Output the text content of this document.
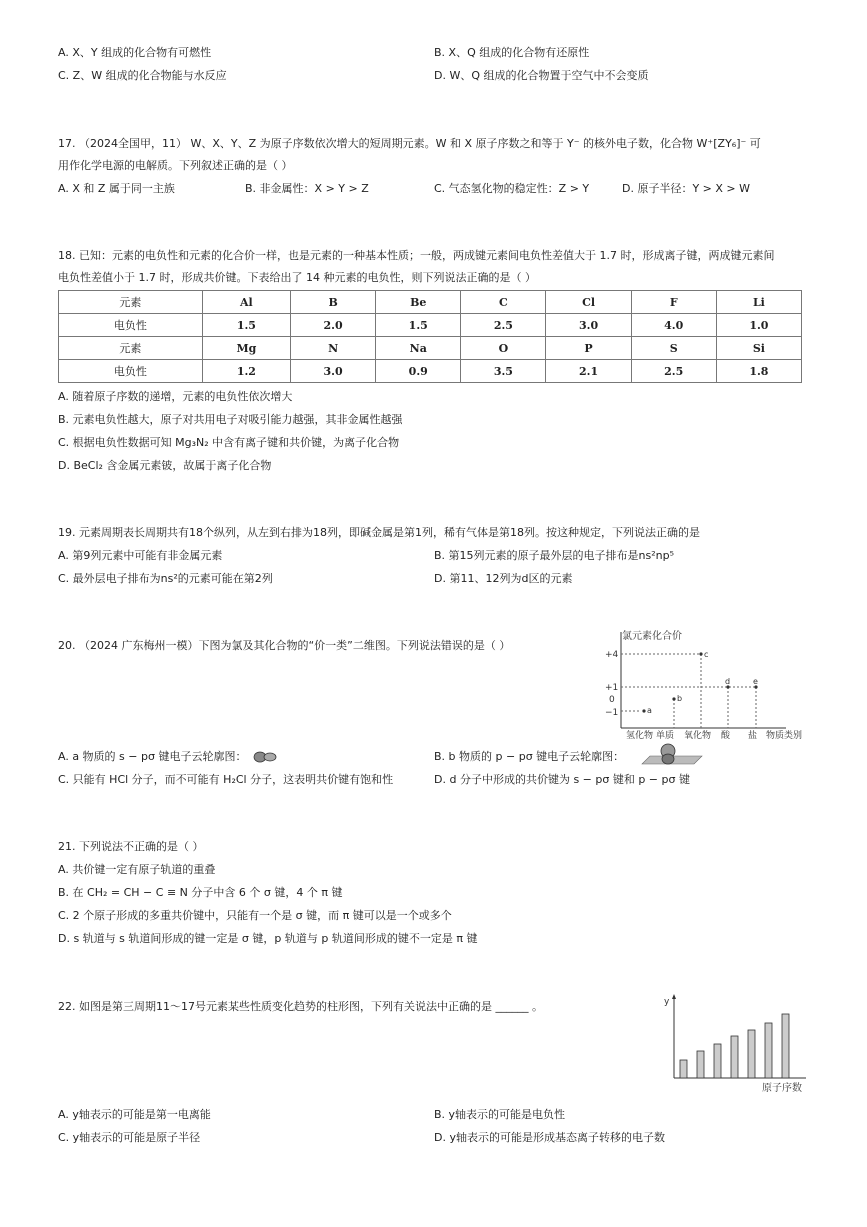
A. X、Y 组成的化合物有可燃性	B. X、Q 组成的化合物有还原性
C. Z、W 组成的化合物能与水反应	D. W、Q 组成的化合物置于空气中不会变质
17. （2024全国甲，11） W、X、Y、Z 为原子序数依次增大的短周期元素。W 和 X 原子序数之和等于 Y⁻ 的核外电子数，化合物 W⁺[ZY₆]⁻ 可
用作化学电源的电解质。下列叙述正确的是（ ）
A. X 和 Z 属于同一主族	B. 非金属性：X > Y > Z	C. 气态氢化物的稳定性：Z > Y	D. 原子半径：Y > X > W
18. 已知：元素的电负性和元素的化合价一样，也是元素的一种基本性质；一般，两成键元素间电负性差值大于 1.7 时，形成离子键，两成键元素间
电负性差值小于 1.7 时，形成共价键。下表给出了 14 种元素的电负性，则下列说法正确的是（ ）
元素	Al	B	Be	C	Cl	F	Li
电负性	1.5	2.0	1.5	2.5	3.0	4.0	1.0
元素	Mg	N	Na	O	P	S	Si
电负性	1.2	3.0	0.9	3.5	2.1	2.5	1.8
A. 随着原子序数的递增，元素的电负性依次增大
B. 元素电负性越大，原子对共用电子对吸引能力越强，其非金属性越强
C. 根据电负性数据可知 Mg₃N₂ 中含有离子键和共价键，为离子化合物
D. BeCl₂ 含金属元素铍，故属于离子化合物
19. 元素周期表长周期共有18个纵列，从左到右排为18列，即碱金属是第1列，稀有气体是第18列。按这种规定，下列说法正确的是
A. 第9列元素中可能有非金属元素	B. 第15列元素的原子最外层的电子排布是ns²np⁵
C. 最外层电子排布为ns²的元素可能在第2列	D. 第11、12列为d区的元素
20. （2024 广东梅州一模）下图为氯及其化合物的“价一类”二维图。下列说法错误的是（ ）
氯元素化合价
+4
+1
0
−1	a
b
c
d	e
氢化物 单质 氧化物 酸 盐 物质类别
A. a 物质的 s − pσ 键电子云轮廓图：	B. b 物质的 p − pσ 键电子云轮廓图：
C. 只能有 HCl 分子，而不可能有 H₂Cl 分子，这表明共价键有饱和性	D. d 分子中形成的共价键为 s − pσ 键和 p − pσ 键
21. 下列说法不正确的是（ ）
A. 共价键一定有原子轨道的重叠
B. 在 CH₂ = CH − C ≡ N 分子中含 6 个 σ 键，4 个 π 键
C. 2 个原子形成的多重共价键中，只能有一个是 σ 键，而 π 键可以是一个或多个
D. s 轨道与 s 轨道间形成的键一定是 σ 键，p 轨道与 p 轨道间形成的键不一定是 π 键
22. 如图是第三周期11～17号元素某些性质变化趋势的柱形图，下列有关说法中正确的是 ______ 。	y
原子序数
A. y轴表示的可能是第一电离能	B. y轴表示的可能是电负性
C. y轴表示的可能是原子半径	D. y轴表示的可能是形成基态离子转移的电子数
